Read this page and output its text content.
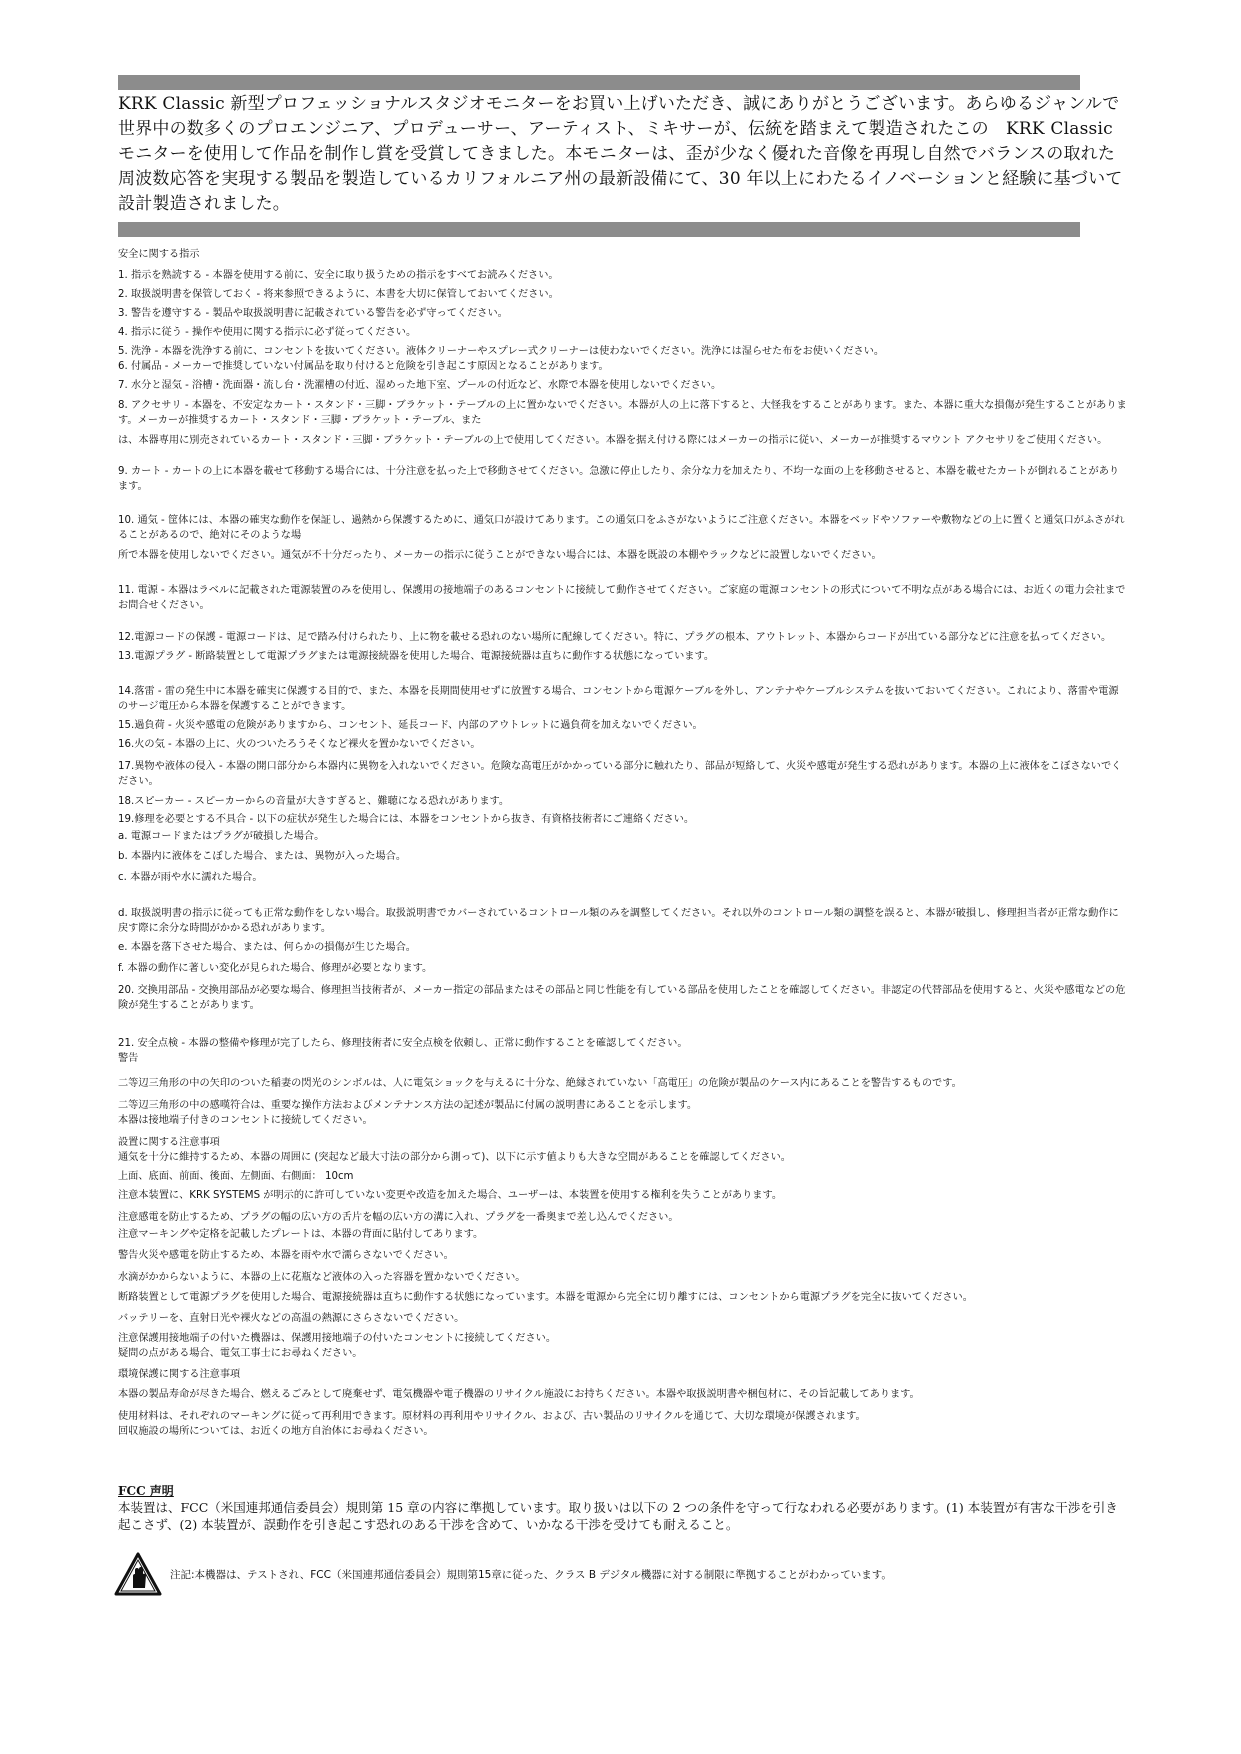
KRK Classic 新型プロフェッショナルスタジオモニターをお買い上げいただき、誠にありがとうございます。あらゆるジャンルで世界中の数多くのプロエンジニア、プロデューサー、アーティスト、ミキサーが、伝統を踏まえて製造されたこの　KRK Classic モニターを使用して作品を制作し賞を受賞してきました。本モニターは、歪が少なく優れた音像を再現し自然でバランスの取れた周波数応答を実現する製品を製造しているカリフォルニア州の最新設備にて、30 年以上にわたるイノベーションと経験に基づいて設計製造されました。

安全に関する指示

1. 指示を熟読する - 本器を使用する前に、安全に取り扱うための指示をすべてお読みください。

2. 取扱説明書を保管しておく - 将来参照できるように、本書を大切に保管しておいてください。

3. 警告を遵守する - 製品や取扱説明書に記載されている警告を必ず守ってください。

4. 指示に従う - 操作や使用に関する指示に必ず従ってください。

5. 洗浄 - 本器を洗浄する前に、コンセントを抜いてください。液体クリーナーやスプレー式クリーナーは使わないでください。洗浄には湿らせた布をお使いください。

6. 付属品 - メーカーで推奨していない付属品を取り付けると危険を引き起こす原因となることがあります。

7. 水分と湿気 - 浴槽・洗面器・流し台・洗濯槽の付近、湿めった地下室、プールの付近など、水際で本器を使用しないでください。

8. アクセサリ - 本器を、不安定なカート・スタンド・三脚・ブラケット・テーブルの上に置かないでください。本器が人の上に落下すると、大怪我をすることがあります。また、本器に重大な損傷が発生することがあります。メーカーが推奨するカート・スタンド・三脚・ブラケット・テーブル、また

は、本器専用に別売されているカート・スタンド・三脚・ブラケット・テーブルの上で使用してください。本器を据え付ける際にはメーカーの指示に従い、メーカーが推奨するマウント アクセサリをご使用ください。

9. カート - カートの上に本器を載せて移動する場合には、十分注意を払った上で移動させてください。急激に停止したり、余分な力を加えたり、不均一な面の上を移動させると、本器を載せたカートが倒れることがあります。

10. 通気 - 筐体には、本器の確実な動作を保証し、過熱から保護するために、通気口が設けてあります。この通気口をふさがないようにご注意ください。本器をベッドやソファーや敷物などの上に置くと通気口がふさがれることがあるので、絶対にそのような場

所で本器を使用しないでください。通気が不十分だったり、メーカーの指示に従うことができない場合には、本器を既設の本棚やラックなどに設置しないでください。

11. 電源 - 本器はラベルに記載された電源装置のみを使用し、保護用の接地端子のあるコンセントに接続して動作させてください。ご家庭の電源コンセントの形式について不明な点がある場合には、お近くの電力会社までお問合せください。

12.電源コードの保護 - 電源コードは、足で踏み付けられたり、上に物を載せる恐れのない場所に配線してください。特に、プラグの根本、アウトレット、本器からコードが出ている部分などに注意を払ってください。

13.電源プラグ - 断路装置として電源プラグまたは電源接続器を使用した場合、電源接続器は直ちに動作する状態になっています。

14.落雷 - 雷の発生中に本器を確実に保護する目的で、また、本器を長期間使用せずに放置する場合、コンセントから電源ケーブルを外し、アンテナやケーブルシステムを抜いておいてください。これにより、落雷や電源のサージ電圧から本器を保護することができます。

15.過負荷 - 火災や感電の危険がありますから、コンセント、延長コード、内部のアウトレットに過負荷を加えないでください。

16.火の気 - 本器の上に、火のついたろうそくなど裸火を置かないでください。

17.異物や液体の侵入 - 本器の開口部分から本器内に異物を入れないでください。危険な高電圧がかかっている部分に触れたり、部品が短絡して、火災や感電が発生する恐れがあります。本器の上に液体をこぼさないでください。

18.スピーカー - スピーカーからの音量が大きすぎると、難聴になる恐れがあります。

19.修理を必要とする不具合 - 以下の症状が発生した場合には、本器をコンセントから抜き、有資格技術者にご連絡ください。

a. 電源コードまたはプラグが破損した場合。

b. 本器内に液体をこぼした場合、または、異物が入った場合。

c. 本器が雨や水に濡れた場合。

d. 取扱説明書の指示に従っても正常な動作をしない場合。取扱説明書でカバーされているコントロール類のみを調整してください。それ以外のコントロール類の調整を誤ると、本器が破損し、修理担当者が正常な動作に戻す際に余分な時間がかかる恐れがあります。

e. 本器を落下させた場合、または、何らかの損傷が生じた場合。

f. 本器の動作に著しい変化が見られた場合、修理が必要となります。

20. 交換用部品 - 交換用部品が必要な場合、修理担当技術者が、メーカー指定の部品またはその部品と同じ性能を有している部品を使用したことを確認してください。非認定の代替部品を使用すると、火災や感電などの危険が発生することがあります。

21. 安全点検 - 本器の整備や修理が完了したら、修理技術者に安全点検を依頼し、正常に動作することを確認してください。

警告

二等辺三角形の中の矢印のついた稲妻の閃光のシンボルは、人に電気ショックを与えるに十分な、絶縁されていない「高電圧」の危険が製品のケース内にあることを警告するものです。

二等辺三角形の中の感嘆符合は、重要な操作方法およびメンテナンス方法の記述が製品に付属の説明書にあることを示します。

本器は接地端子付きのコンセントに接続してください。

設置に関する注意事項

通気を十分に維持するため、本器の周囲に (突起など最大寸法の部分から測って)、以下に示す値よりも大きな空間があることを確認してください。

上面、底面、前面、後面、左側面、右側面： 10cm

注意本装置に、KRK SYSTEMS が明示的に許可していない変更や改造を加えた場合、ユーザーは、本装置を使用する権利を失うことがあります。

注意感電を防止するため、プラグの幅の広い方の舌片を幅の広い方の溝に入れ、プラグを一番奥まで差し込んでください。

注意マーキングや定格を記載したプレートは、本器の背面に貼付してあります。

警告火災や感電を防止するため、本器を雨や水で濡らさないでください。

水滴がかからないように、本器の上に花瓶など液体の入った容器を置かないでください。

断路装置として電源プラグを使用した場合、電源接続器は直ちに動作する状態になっています。本器を電源から完全に切り離すには、コンセントから電源プラグを完全に抜いてください。

バッテリーを、直射日光や裸火などの高温の熱源にさらさないでください。

注意保護用接地端子の付いた機器は、保護用接地端子の付いたコンセントに接続してください。

疑問の点がある場合、電気工事士にお尋ねください。

環境保護に関する注意事項

本器の製品寿命が尽きた場合、燃えるごみとして廃棄せず、電気機器や電子機器のリサイクル施設にお持ちください。本器や取扱説明書や梱包材に、その旨記載してあります。

使用材料は、それぞれのマーキングに従って再利用できます。原材料の再利用やリサイクル、および、古い製品のリサイクルを通じて、大切な環境が保護されます。

回収施設の場所については、お近くの地方自治体にお尋ねください。

FCC 声明

本装置は、FCC（米国連邦通信委員会）規則第 15 章の内容に準拠しています。取り扱いは以下の 2 つの条件を守って行なわれる必要があります。(1) 本装置が有害な干渉を引き起こさず、(2) 本装置が、誤動作を引き起こす恐れのある干渉を含めて、いかなる干渉を受けても耐えること。

注記:本機器は、テストされ、FCC（米国連邦通信委員会）規則第15章に従った、クラス B デジタル機器に対する制限に準拠することがわかっています。
